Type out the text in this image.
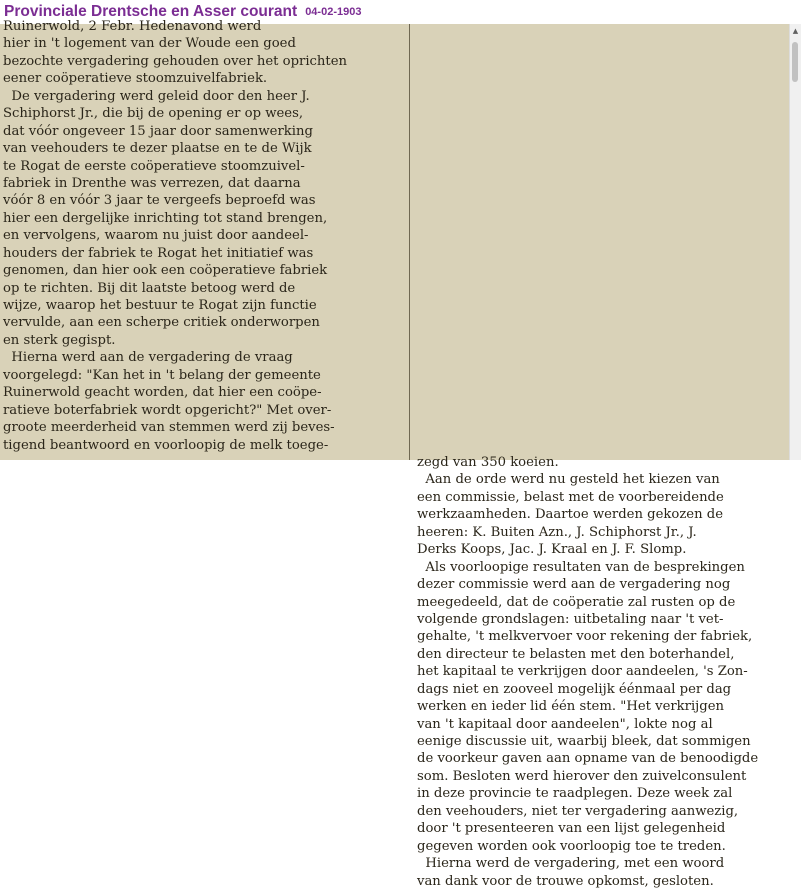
Provinciale Drentsche en Asser courant 04-02-1903
Ruinerwold, 2 Febr. Hedenavond werd
hier in 't logement van der Woude een goed
bezochte vergadering gehouden over het oprichten
eener coöperatieve stoomzuivelfabriek.
De vergadering werd geleid door den heer J.
Schiphorst Jr., die bij de opening er op wees,
dat vóór ongeveer 15 jaar door samenwerking
van veehouders te dezer plaatse en te de Wijk
te Rogat de eerste coöperatieve stoomzuivel-
fabriek in Drenthe was verrezen, dat daarna
vóór 8 en vóór 3 jaar te vergeefs beproefd was
hier een dergelijke inrichting tot stand brengen,
en vervolgens, waarom nu juist door aandeel-
houders der fabriek te Rogat het initiatief was
genomen, dan hier ook een coöperatieve fabriek
op te richten. Bij dit laatste betoog werd de
wijze, waarop het bestuur te Rogat zijn functie
vervulde, aan een scherpe critiek onderworpen
en sterk gegispt.
Hierna werd aan de vergadering de vraag
voorgelegd: "Kan het in 't belang der gemeente
Ruinerwold geacht worden, dat hier een coöpe-
ratieve boterfabriek wordt opgericht?" Met over-
groote meerderheid van stemmen werd zij beves-
tigend beantwoord en voorloopig de melk toege-
zegd van 350 koeien.
Aan de orde werd nu gesteld het kiezen van
een commissie, belast met de voorbereidende
werkzaamheden. Daartoe werden gekozen de
heeren: K. Buiten Azn., J. Schiphorst Jr., J.
Derks Koops, Jac. J. Kraal en J. F. Slomp.
Als voorloopige resultaten van de besprekingen
dezer commissie werd aan de vergadering nog
meegedeeld, dat de coöperatie zal rusten op de
volgende grondslagen: uitbetaling naar 't vet-
gehalte, 't melkvervoer voor rekening der fabriek,
den directeur te belasten met den boterhandel,
het kapitaal te verkrijgen door aandeelen, 's Zon-
dags niet en zooveel mogelijk éénmaal per dag
werken en ieder lid één stem. "Het verkrijgen
van 't kapitaal door aandeelen", lokte nog al
eenige discussie uit, waarbij bleek, dat sommigen
de voorkeur gaven aan opname van de benoodigde
som. Besloten werd hierover den zuivelconsulent
in deze provincie te raadplegen. Deze week zal
den veehouders, niet ter vergadering aanwezig,
door 't presenteeren van een lijst gelegenheid
gegeven worden ook voorloopig toe te treden.
Hierna werd de vergadering, met een woord
van dank voor de trouwe opkomst, gesloten.
▲
